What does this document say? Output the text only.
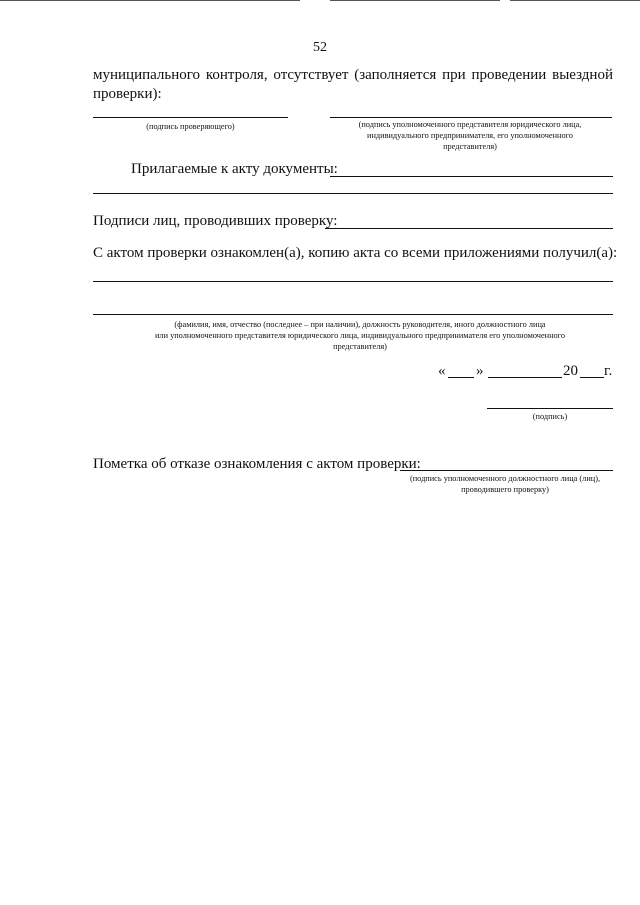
52
муниципального контроля, отсутствует (заполняется при проведении выездной
проверки):
(подпись проверяющего)	(подпись уполномоченного представителя юридического лица,
индивидуального предпринимателя, его уполномоченного
представителя)
Прилагаемые к акту документы:
Подписи лиц, проводивших проверку:
С актом проверки ознакомлен(а), копию акта со всеми приложениями получил(а):
(фамилия, имя, отчество (последнее – при наличии), должность руководителя, иного должностного лица
или уполномоченного представителя юридического лица, индивидуального предпринимателя его уполномоченного
представителя)
« »	20 г.
(подпись)
Пометка об отказе ознакомления с актом проверки:
(подпись уполномоченного должностного лица (лиц),
проводившего проверку)
